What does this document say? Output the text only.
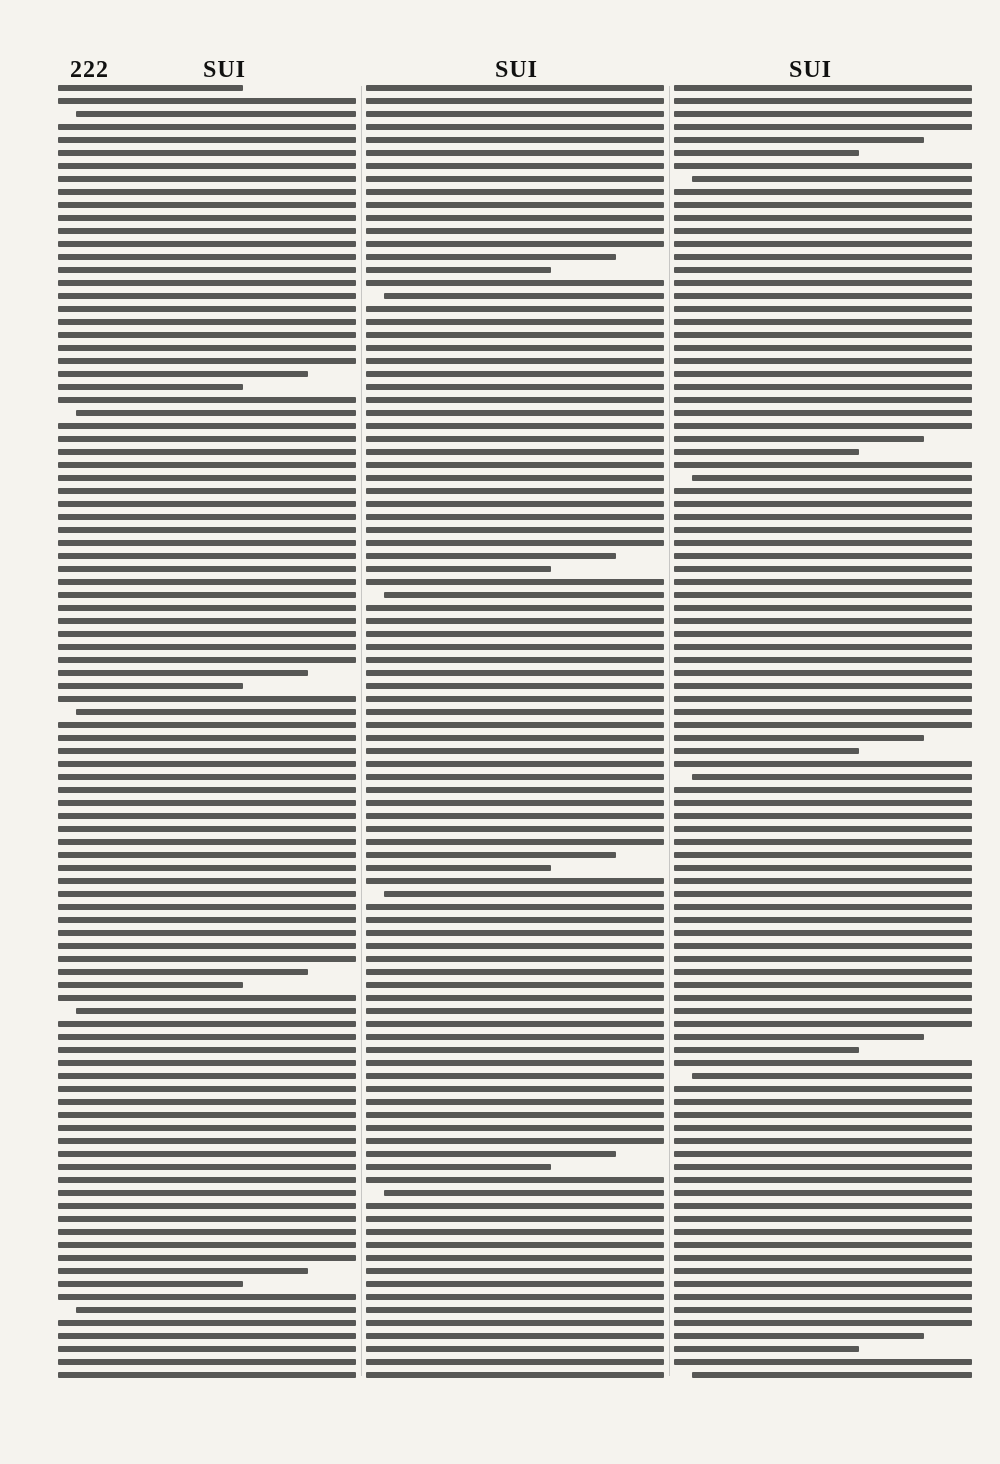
222	SUI	SUI	SUI
